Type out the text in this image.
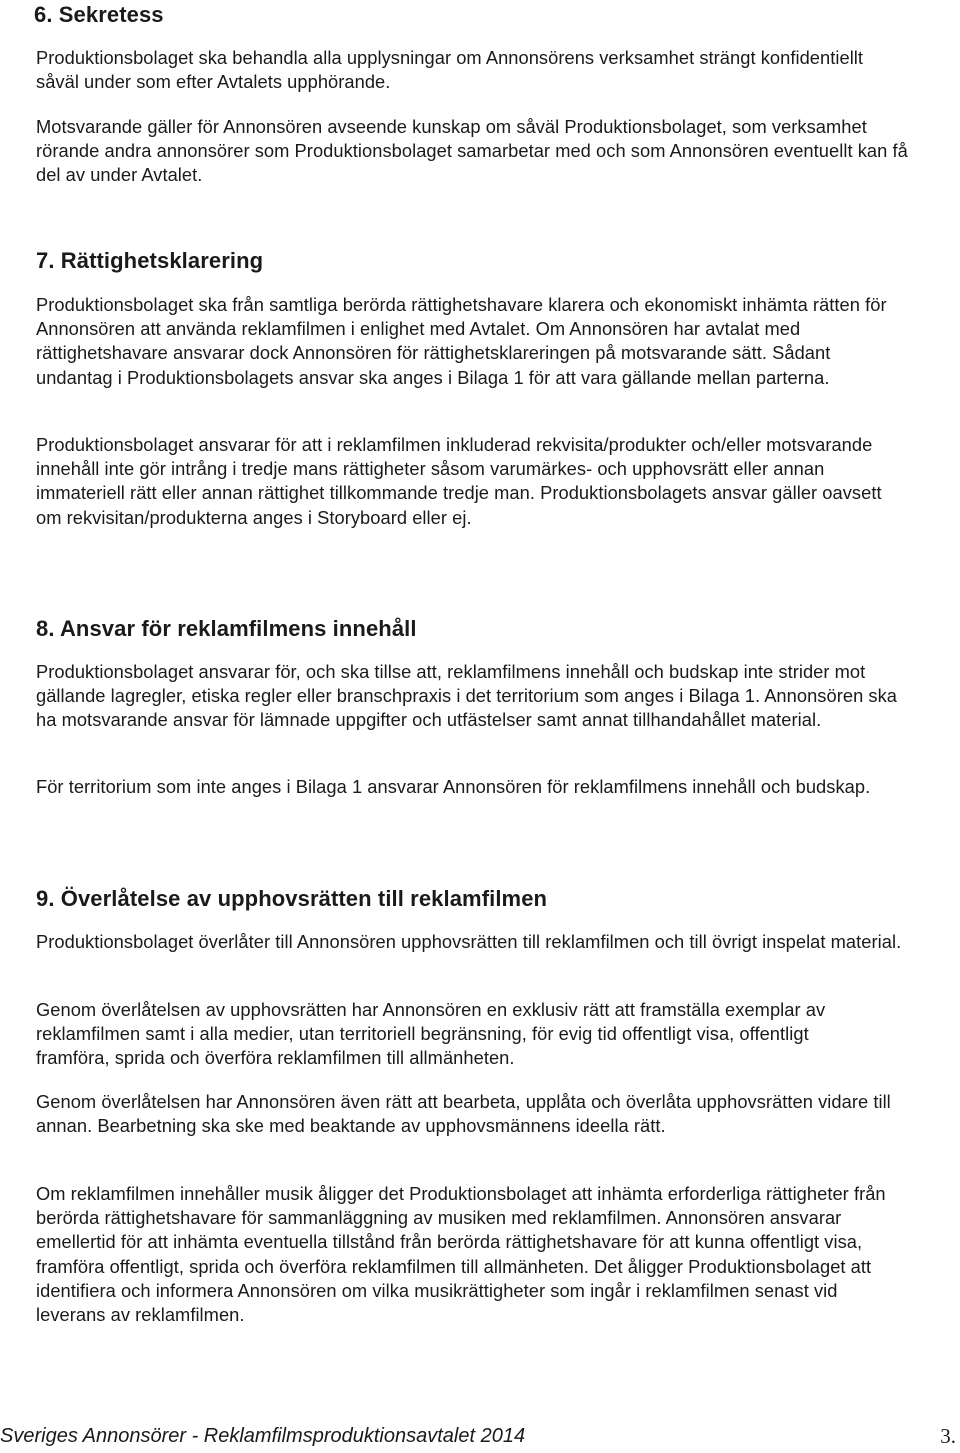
6. Sekretess

Produktionsbolaget ska behandla alla upplysningar om Annonsörens verksamhet strängt konfidentiellt såväl under som efter Avtalets upphörande.

Motsvarande gäller för Annonsören avseende kunskap om såväl Produktionsbolaget, som verksamhet rörande andra annonsörer som Produktionsbolaget samarbetar med och som Annonsören eventuellt kan få del av under Avtalet.

7. Rättighetsklarering

Produktionsbolaget ska från samtliga berörda rättighetshavare klarera och ekonomiskt inhämta rätten för Annonsören att använda reklamfilmen i enlighet med Avtalet. Om Annonsören har avtalat med rättighetshavare ansvarar dock Annonsören för rättighetsklareringen på motsvarande sätt. Sådant undantag i Produktionsbolagets ansvar ska anges i Bilaga 1 för att vara gällande mellan parterna.

Produktionsbolaget ansvarar för att i reklamfilmen inkluderad rekvisita/produkter och/eller motsvarande innehåll inte gör intrång i tredje mans rättigheter såsom varumärkes- och upphovsrätt eller annan immateriell rätt eller annan rättighet tillkommande tredje man. Produktionsbolagets ansvar gäller oavsett om rekvisitan/produkterna anges i Storyboard eller ej.

8. Ansvar för reklamfilmens innehåll

Produktionsbolaget ansvarar för, och ska tillse att, reklamfilmens innehåll och budskap inte strider mot gällande lagregler, etiska regler eller branschpraxis i det territorium som anges i Bilaga 1. Annonsören ska ha motsvarande ansvar för lämnade uppgifter och utfästelser samt annat tillhandahållet material.

För territorium som inte anges i Bilaga 1 ansvarar Annonsören för reklamfilmens innehåll och budskap.

9. Överlåtelse av upphovsrätten till reklamfilmen

Produktionsbolaget överlåter till Annonsören upphovsrätten till reklamfilmen och till övrigt inspelat material.

Genom överlåtelsen av upphovsrätten har Annonsören en exklusiv rätt att framställa exemplar av reklamfilmen samt i alla medier, utan territoriell begränsning, för evig tid offentligt visa, offentligt framföra, sprida och överföra reklamfilmen till allmänheten.

Genom överlåtelsen har Annonsören även rätt att bearbeta, upplåta och överlåta upphovsrätten vidare till annan. Bearbetning ska ske med beaktande av upphovsmännens ideella rätt.

Om reklamfilmen innehåller musik åligger det Produktionsbolaget att inhämta erforderliga rättigheter från berörda rättighetshavare för sammanläggning av musiken med reklamfilmen. Annonsören ansvarar emellertid för att inhämta eventuella tillstånd från berörda rättighetshavare för att kunna offentligt visa, framföra offentligt, sprida och överföra reklamfilmen till allmänheten. Det åligger Produktionsbolaget att identifiera och informera Annonsören om vilka musikrättigheter som ingår i reklamfilmen senast vid leverans av reklamfilmen.

Sveriges Annonsörer - Reklamfilmsproduktionsavtalet 2014	3.
